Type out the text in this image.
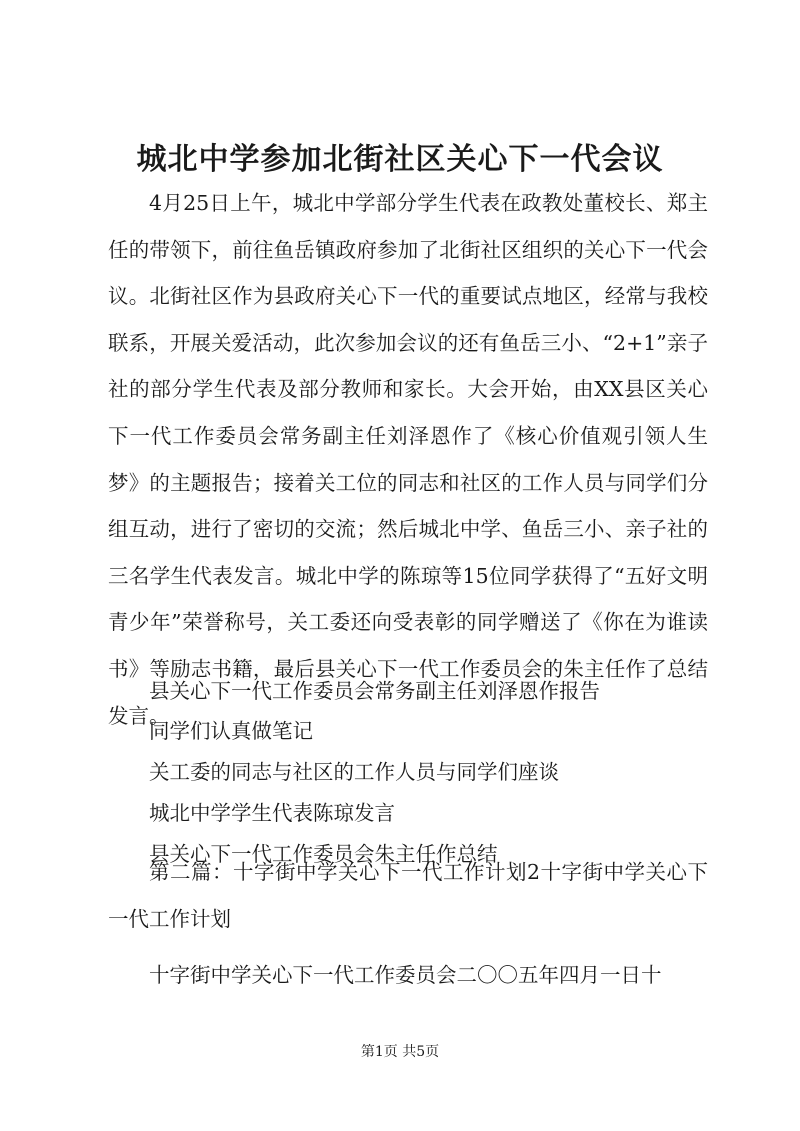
城北中学参加北街社区关心下一代会议

4月25日上午，城北中学部分学生代表在政教处董校长、郑主任的带领下，前往鱼岳镇政府参加了北街社区组织的关心下一代会议。北街社区作为县政府关心下一代的重要试点地区，经常与我校联系，开展关爱活动，此次参加会议的还有鱼岳三小、“2+1”亲子社的部分学生代表及部分教师和家长。大会开始，由XX县区关心下一代工作委员会常务副主任刘泽恩作了《核心价值观引领人生梦》的主题报告；接着关工位的同志和社区的工作人员与同学们分组互动，进行了密切的交流；然后城北中学、鱼岳三小、亲子社的三名学生代表发言。城北中学的陈琼等15位同学获得了“五好文明青少年”荣誉称号，关工委还向受表彰的同学赠送了《你在为谁读书》等励志书籍，最后县关心下一代工作委员会的朱主任作了总结发言。

县关心下一代工作委员会常务副主任刘泽恩作报告

同学们认真做笔记

关工委的同志与社区的工作人员与同学们座谈

城北中学学生代表陈琼发言

县关心下一代工作委员会朱主任作总结

第二篇：十字街中学关心下一代工作计划2十字街中学关心下一代工作计划

十字街中学关心下一代工作委员会二〇〇五年四月一日十

第1页 共5页
